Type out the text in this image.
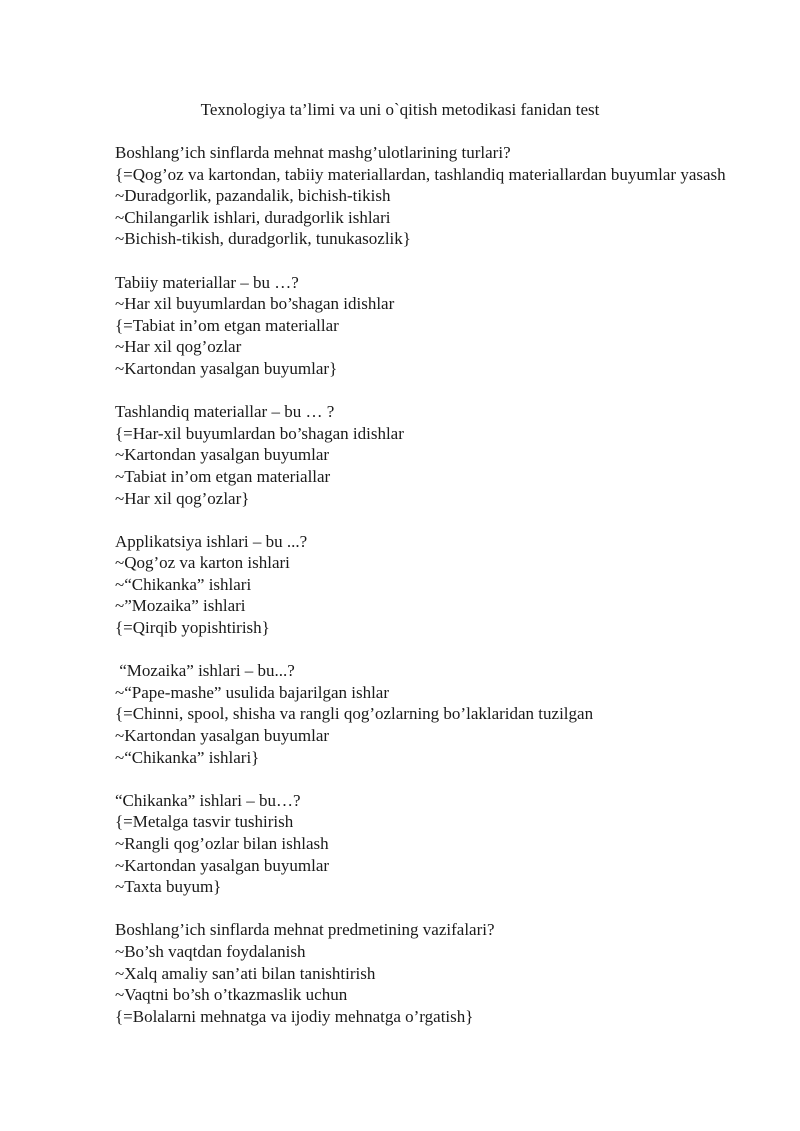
Texnologiya ta’limi va uni o`qitish metodikasi fanidan test
Boshlang’ich sinflarda mehnat mashg’ulotlarining turlari?
{=Qog’oz va kartondan, tabiiy materiallardan, tashlandiq materiallardan buyumlar yasash
~Duradgorlik, pazandalik, bichish-tikish
~Chilangarlik ishlari, duradgorlik ishlari
~Bichish-tikish, duradgorlik, tunukasozlik}
Tabiiy materiallar – bu …?
~Har xil buyumlardan bo’shagan idishlar
{=Tabiat in’om etgan materiallar
~Har xil qog’ozlar
~Kartondan yasalgan buyumlar}
Tashlandiq materiallar – bu … ?
{=Har-xil buyumlardan bo’shagan idishlar
~Kartondan yasalgan buyumlar
~Tabiat in’om etgan materiallar
~Har xil qog’ozlar}
Applikatsiya ishlari – bu ...?
~Qog’oz va karton ishlari
~“Chikanka” ishlari
~”Mozaika” ishlari
{=Qirqib yopishtirish}
“Mozaika” ishlari – bu...?
~“Pape-mashe” usulida bajarilgan ishlar
{=Chinni, spool, shisha va rangli qog’ozlarning bo’laklaridan tuzilgan
~Kartondan yasalgan buyumlar
~“Chikanka” ishlari}
“Chikanka” ishlari – bu…?
{=Metalga tasvir tushirish
~Rangli qog’ozlar bilan ishlash
~Kartondan yasalgan buyumlar
~Taxta buyum}
Boshlang’ich sinflarda mehnat predmetining vazifalari?
~Bo’sh vaqtdan foydalanish
~Xalq amaliy san’ati bilan tanishtirish
~Vaqtni bo’sh o’tkazmaslik uchun
{=Bolalarni mehnatga va ijodiy mehnatga o’rgatish}
